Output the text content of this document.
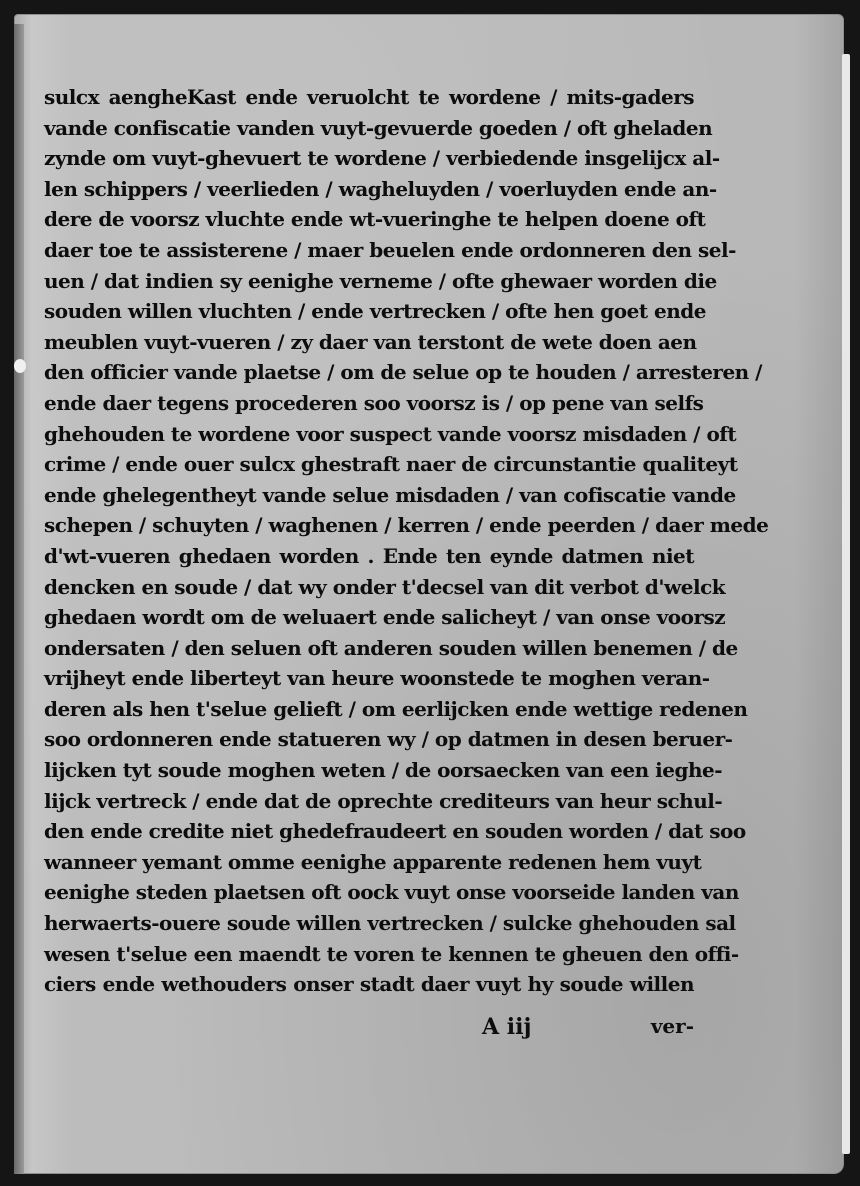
sulcx aengheKast ende veruolcht te wordene / mits-gaders
vande confiscatie vanden vuyt-gevuerde goeden / oft gheladen
zynde om vuyt-ghevuert te wordene / verbiedende insgelijcx al-
len schippers / veerlieden / wagheluyden / voerluyden ende an-
dere de voorsz vluchte ende wt-vueringhe te helpen doene oft
daer toe te assisterene / maer beuelen ende ordonneren den sel-
uen / dat indien sy eenighe verneme / ofte ghewaer worden die
souden willen vluchten / ende vertrecken / ofte hen goet ende
meublen vuyt-vueren / zy daer van terstont de wete doen aen
den officier vande plaetse / om de selue op te houden / arresteren /
ende daer tegens procederen soo voorsz is / op pene van selfs
ghehouden te wordene voor suspect vande voorsz misdaden / oft
crime / ende ouer sulcx ghestraft naer de circunstantie qualiteyt
ende ghelegentheyt vande selue misdaden / van cofiscatie vande
schepen / schuyten / waghenen / kerren / ende peerden / daer mede
d'wt-vueren ghedaen worden . Ende ten eynde datmen niet
dencken en soude / dat wy onder t'decsel van dit verbot d'welck
ghedaen wordt om de weluaert ende salicheyt / van onse voorsz
ondersaten / den seluen oft anderen souden willen benemen / de
vrijheyt ende liberteyt van heure woonstede te moghen veran-
deren als hen t'selue gelieft / om eerlijcken ende wettige redenen
soo ordonneren ende statueren wy / op datmen in desen beruer-
lijcken tyt soude moghen weten / de oorsaecken van een ieghe-
lijck vertreck / ende dat de oprechte crediteurs van heur schul-
den ende credite niet ghedefraudeert en souden worden / dat soo
wanneer yemant omme eenighe apparente redenen hem vuyt
eenighe steden plaetsen oft oock vuyt onse voorseide landen van
herwaerts-ouere soude willen vertrecken / sulcke ghehouden sal
wesen t'selue een maendt te voren te kennen te gheuen den offi-
ciers ende wethouders onser stadt daer vuyt hy soude willen
A iij	ver-
